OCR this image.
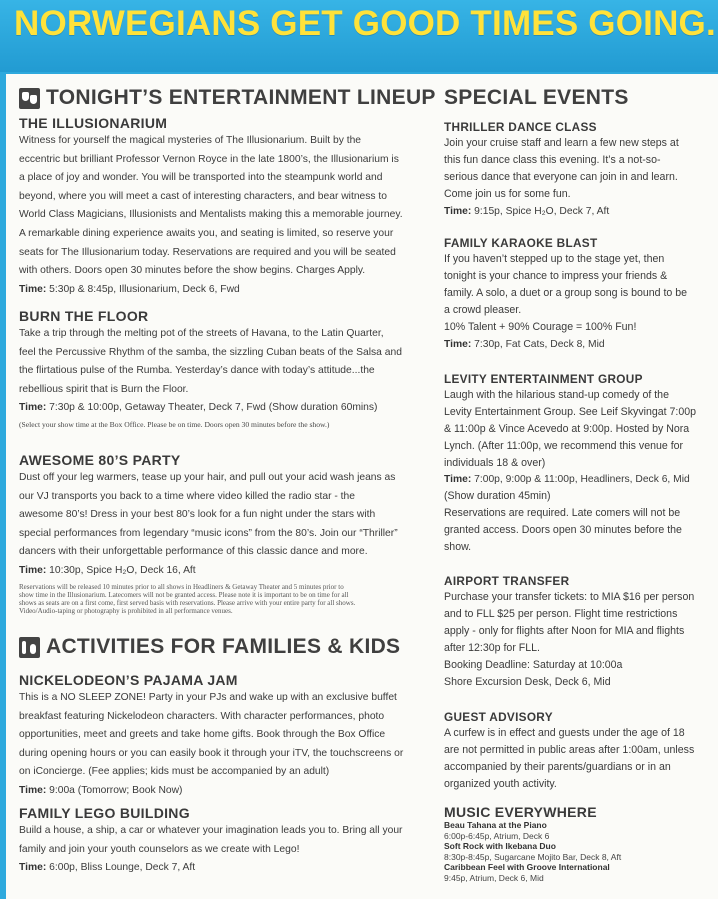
NORWEGIANS GET GOOD TIMES GOING.
TONIGHT’S ENTERTAINMENT LINEUP
THE ILLUSIONARIUM
Witness for yourself the magical mysteries of The Illusionarium. Built by the
eccentric but brilliant Professor Vernon Royce in the late 1800’s, the Illusionarium is
a place of joy and wonder. You will be transported into the steampunk world and
beyond, where you will meet a cast of interesting characters, and bear witness to
World Class Magicians, Illusionists and Mentalists making this a memorable journey.
A remarkable dining experience awaits you, and seating is limited, so reserve your
seats for The Illusionarium today. Reservations are required and you will be seated
with others. Doors open 30 minutes before the show begins. Charges Apply.
Time: 5:30p & 8:45p, Illusionarium, Deck 6, Fwd
BURN THE FLOOR
Take a trip through the melting pot of the streets of Havana, to the Latin Quarter,
feel the Percussive Rhythm of the samba, the sizzling Cuban beats of the Salsa and
the flirtatious pulse of the Rumba. Yesterday’s dance with today’s attitude...the
rebellious spirit that is Burn the Floor.
Time: 7:30p & 10:00p, Getaway Theater, Deck 7, Fwd (Show duration 60mins)
(Select your show time at the Box Office. Please be on time. Doors open 30 minutes before the show.)
AWESOME 80’S PARTY
Dust off your leg warmers, tease up your hair, and pull out your acid wash jeans as
our VJ transports you back to a time where video killed the radio star - the
awesome 80’s! Dress in your best 80’s look for a fun night under the stars with
special performances from legendary “music icons” from the 80’s. Join our “Thriller”
dancers with their unforgettable performance of this classic dance and more.
Time: 10:30p, Spice H₂O, Deck 16, Aft
Reservations will be released 10 minutes prior to all shows in Headliners & Getaway Theater and 5 minutes prior to
show time in the Illusionarium. Latecomers will not be granted access. Please note it is important to be on time for all
shows as seats are on a first come, first served basis with reservations. Please arrive with your entire party for all shows.
Video/Audio-taping or photography is prohibited in all performance venues.
ACTIVITIES FOR FAMILIES & KIDS
NICKELODEON’S PAJAMA JAM
This is a NO SLEEP ZONE! Party in your PJs and wake up with an exclusive buffet
breakfast featuring Nickelodeon characters. With character performances, photo
opportunities, meet and greets and take home gifts. Book through the Box Office
during opening hours or you can easily book it through your iTV, the touchscreens or
on iConcierge. (Fee applies; kids must be accompanied by an adult)
Time: 9:00a (Tomorrow; Book Now)
FAMILY LEGO BUILDING
Build a house, a ship, a car or whatever your imagination leads you to. Bring all your
family and join your youth counselors as we create with Lego!
Time: 6:00p, Bliss Lounge, Deck 7, Aft
SPECIAL EVENTS
THRILLER DANCE CLASS
Join your cruise staff and learn a few new steps at
this fun dance class this evening. It’s a not-so-
serious dance that everyone can join in and learn.
Come join us for some fun.
Time: 9:15p, Spice H₂O, Deck 7, Aft
FAMILY KARAOKE BLAST
If you haven’t stepped up to the stage yet, then
tonight is your chance to impress your friends &
family. A solo, a duet or a group song is bound to be
a crowd pleaser.
10% Talent + 90% Courage = 100% Fun!
Time: 7:30p, Fat Cats, Deck 8, Mid
LEVITY ENTERTAINMENT GROUP
Laugh with the hilarious stand-up comedy of the
Levity Entertainment Group. See Leif Skyvingat 7:00p
& 11:00p & Vince Acevedo at 9:00p. Hosted by Nora
Lynch. (After 11:00p, we recommend this venue for
individuals 18 & over)
Time: 7:00p, 9:00p & 11:00p, Headliners, Deck 6, Mid
(Show duration 45min)
Reservations are required. Late comers will not be
granted access. Doors open 30 minutes before the
show.
AIRPORT TRANSFER
Purchase your transfer tickets: to MIA $16 per person
and to FLL $25 per person. Flight time restrictions
apply - only for flights after Noon for MIA and flights
after 12:30p for FLL.
Booking Deadline: Saturday at 10:00a
Shore Excursion Desk, Deck 6, Mid
GUEST ADVISORY
A curfew is in effect and guests under the age of 18
are not permitted in public areas after 1:00am, unless
accompanied by their parents/guardians or in an
organized youth activity.
MUSIC EVERYWHERE
Beau Tahana at the Piano
6:00p-6:45p, Atrium, Deck 6
Soft Rock with Ikebana Duo
8:30p-8:45p, Sugarcane Mojito Bar, Deck 8, Aft
Caribbean Feel with Groove International
9:45p, Atrium, Deck 6, Mid
